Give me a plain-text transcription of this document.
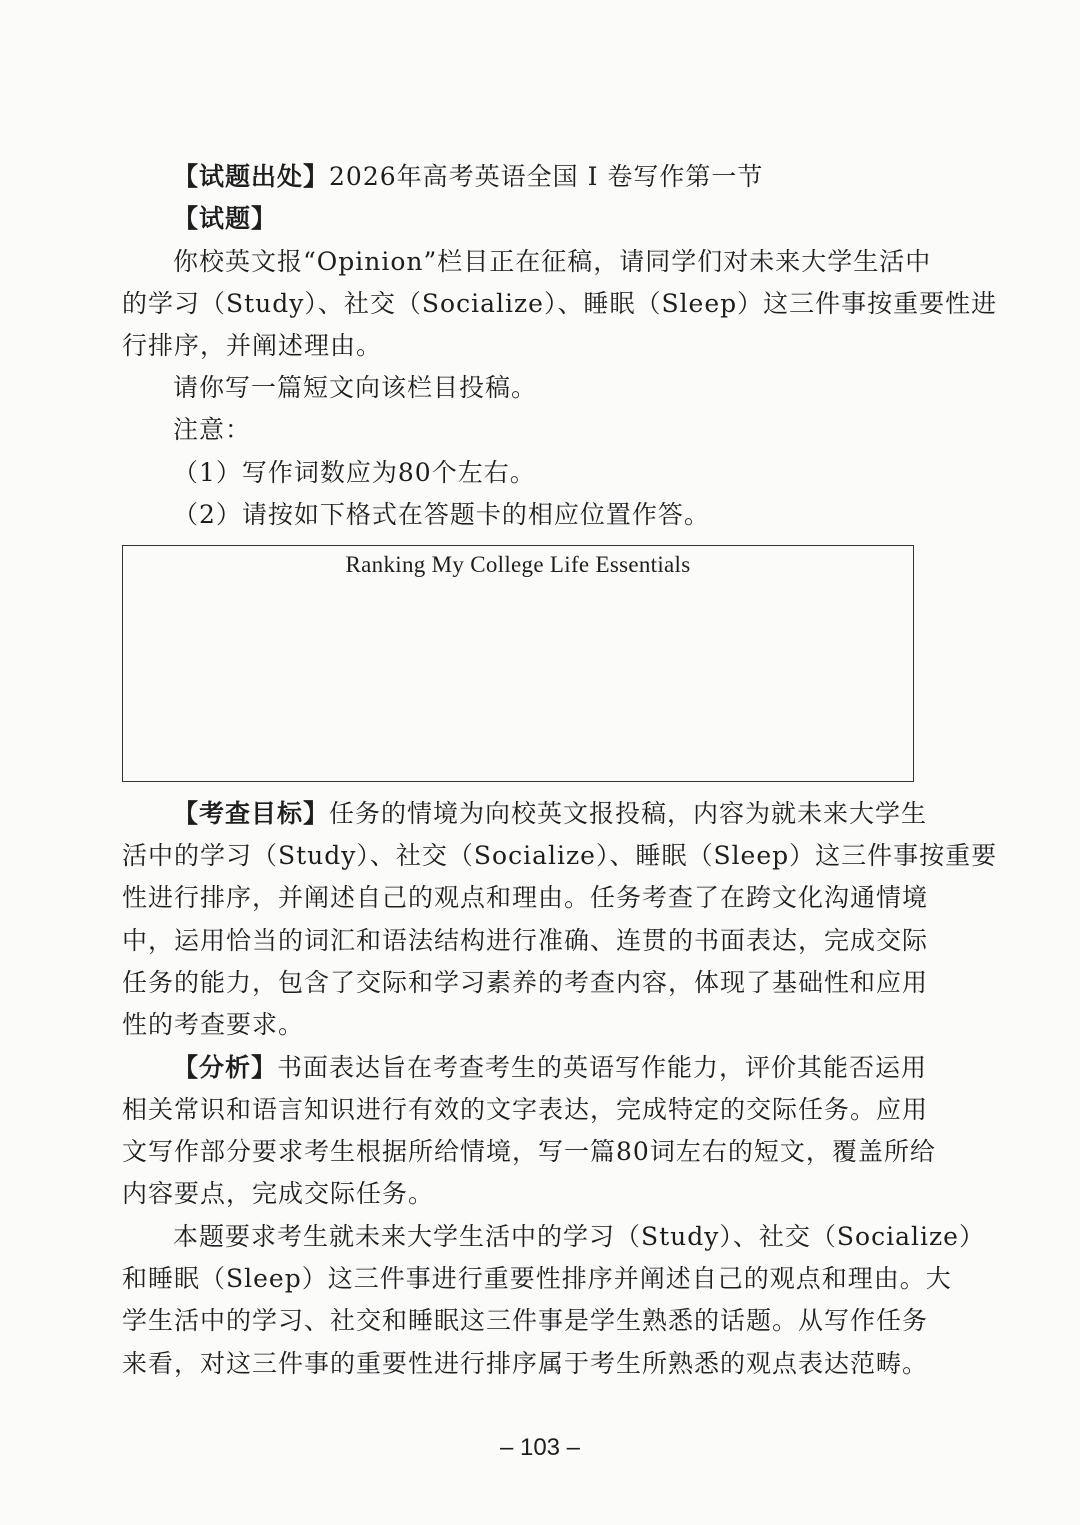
【试题出处】2026年高考英语全国 I 卷写作第一节
【试题】
你校英文报“Opinion”栏目正在征稿，请同学们对未来大学生活中
的学习（Study）、社交（Socialize）、睡眠（Sleep）这三件事按重要性进
行排序，并阐述理由。
请你写一篇短文向该栏目投稿。
注意：
（1）写作词数应为80个左右。
（2）请按如下格式在答题卡的相应位置作答。
Ranking My College Life Essentials
【考查目标】任务的情境为向校英文报投稿，内容为就未来大学生
活中的学习（Study）、社交（Socialize）、睡眠（Sleep）这三件事按重要
性进行排序，并阐述自己的观点和理由。任务考查了在跨文化沟通情境
中，运用恰当的词汇和语法结构进行准确、连贯的书面表达，完成交际
任务的能力，包含了交际和学习素养的考查内容，体现了基础性和应用
性的考查要求。
【分析】书面表达旨在考查考生的英语写作能力，评价其能否运用
相关常识和语言知识进行有效的文字表达，完成特定的交际任务。应用
文写作部分要求考生根据所给情境，写一篇80词左右的短文，覆盖所给
内容要点，完成交际任务。
本题要求考生就未来大学生活中的学习（Study）、社交（Socialize）
和睡眠（Sleep）这三件事进行重要性排序并阐述自己的观点和理由。大
学生活中的学习、社交和睡眠这三件事是学生熟悉的话题。从写作任务
来看，对这三件事的重要性进行排序属于考生所熟悉的观点表达范畴。
– 103 –
